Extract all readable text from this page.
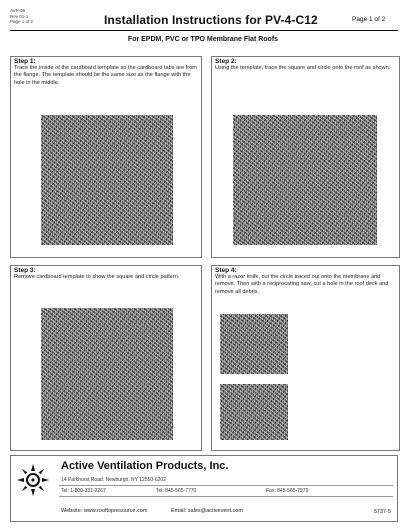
AVP-05
Rev 01-1
Page 1 of 2	Installation Instructions for PV-4-C12	Page 1 of 2
For EPDM, PVC or TPO Membrane Flat Roofs
Step 1:
Trace the inside of the cardboard template so the cardboard tabs are from the flange. The template should be the same size as the flange with the hole in the middle.
Step 2:
Using the template, trace the square and circle onto the roof as shown.
Step 3:
Remove cardboard template to show the square and circle pattern.
Step 4:
With a razor knife, cut the circle traced out onto the membrane and remove. Then with a reciprocating saw, cut a hole in the roof deck and remove all debris.
Active Ventilation Products, Inc.
14 Parkhurst Road, Newburgh, NY 12550-6202
Tel: 1-800-331-2267	Tel: 845-565-7770	Fax: 845-565-7979
Website: www.rooftopresource.com	Email: sales@activevent.com	5737-5
